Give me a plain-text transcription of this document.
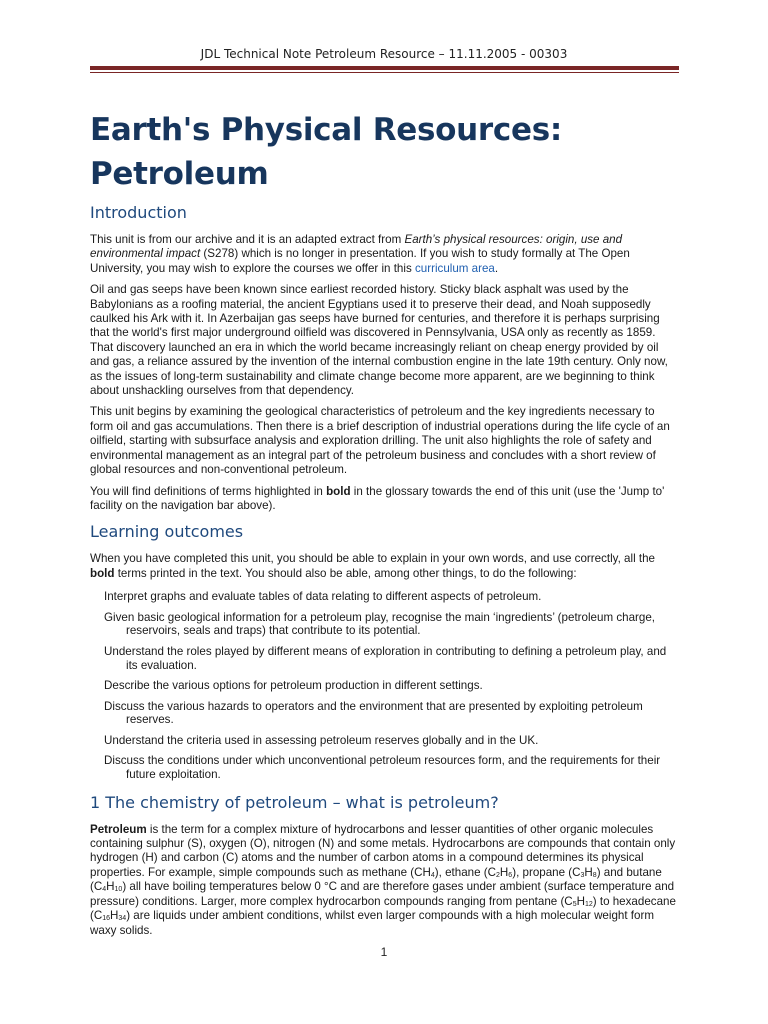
JDL Technical Note Petroleum Resource – 11.11.2005 - 00303
Earth's Physical Resources: Petroleum
Introduction

This unit is from our archive and it is an adapted extract from Earth’s physical resources: origin, use and environmental impact (S278) which is no longer in presentation. If you wish to study formally at The Open University, you may wish to explore the courses we offer in this curriculum area.

Oil and gas seeps have been known since earliest recorded history. Sticky black asphalt was used by the Babylonians as a roofing material, the ancient Egyptians used it to preserve their dead, and Noah supposedly caulked his Ark with it. In Azerbaijan gas seeps have burned for centuries, and therefore it is perhaps surprising that the world's first major underground oilfield was discovered in Pennsylvania, USA only as recently as 1859. That discovery launched an era in which the world became increasingly reliant on cheap energy provided by oil and gas, a reliance assured by the invention of the internal combustion engine in the late 19th century. Only now, as the issues of long-term sustainability and climate change become more apparent, are we beginning to think about unshackling ourselves from that dependency.

This unit begins by examining the geological characteristics of petroleum and the key ingredients necessary to form oil and gas accumulations. Then there is a brief description of industrial operations during the life cycle of an oilfield, starting with subsurface analysis and exploration drilling. The unit also highlights the role of safety and environmental management as an integral part of the petroleum business and concludes with a short review of global resources and non-conventional petroleum.

You will find definitions of terms highlighted in bold in the glossary towards the end of this unit (use the 'Jump to' facility on the navigation bar above).

Learning outcomes

When you have completed this unit, you should be able to explain in your own words, and use correctly, all the bold terms printed in the text. You should also be able, among other things, to do the following:

Interpret graphs and evaluate tables of data relating to different aspects of petroleum.
Given basic geological information for a petroleum play, recognise the main ‘ingredients’ (petroleum charge, reservoirs, seals and traps) that contribute to its potential.
Understand the roles played by different means of exploration in contributing to defining a petroleum play, and its evaluation.
Describe the various options for petroleum production in different settings.
Discuss the various hazards to operators and the environment that are presented by exploiting petroleum reserves.
Understand the criteria used in assessing petroleum reserves globally and in the UK.
Discuss the conditions under which unconventional petroleum resources form, and the requirements for their future exploitation.
1 The chemistry of petroleum – what is petroleum?

Petroleum is the term for a complex mixture of hydrocarbons and lesser quantities of other organic molecules containing sulphur (S), oxygen (O), nitrogen (N) and some metals. Hydrocarbons are compounds that contain only hydrogen (H) and carbon (C) atoms and the number of carbon atoms in a compound determines its physical properties. For example, simple compounds such as methane $(CH_4)$, ethane $(C_2H_6)$, propane $(C_3H_8)$ and butane $(C_4H_{10})$ all have boiling temperatures below 0 °C and are therefore gases under ambient (surface temperature and pressure) conditions. Larger, more complex hydrocarbon compounds ranging from pentane $(C_5H_{12})$ to hexadecane $(C_{16}H_{34})$ are liquids under ambient conditions, whilst even larger compounds with a high molecular weight form waxy solids.

1
